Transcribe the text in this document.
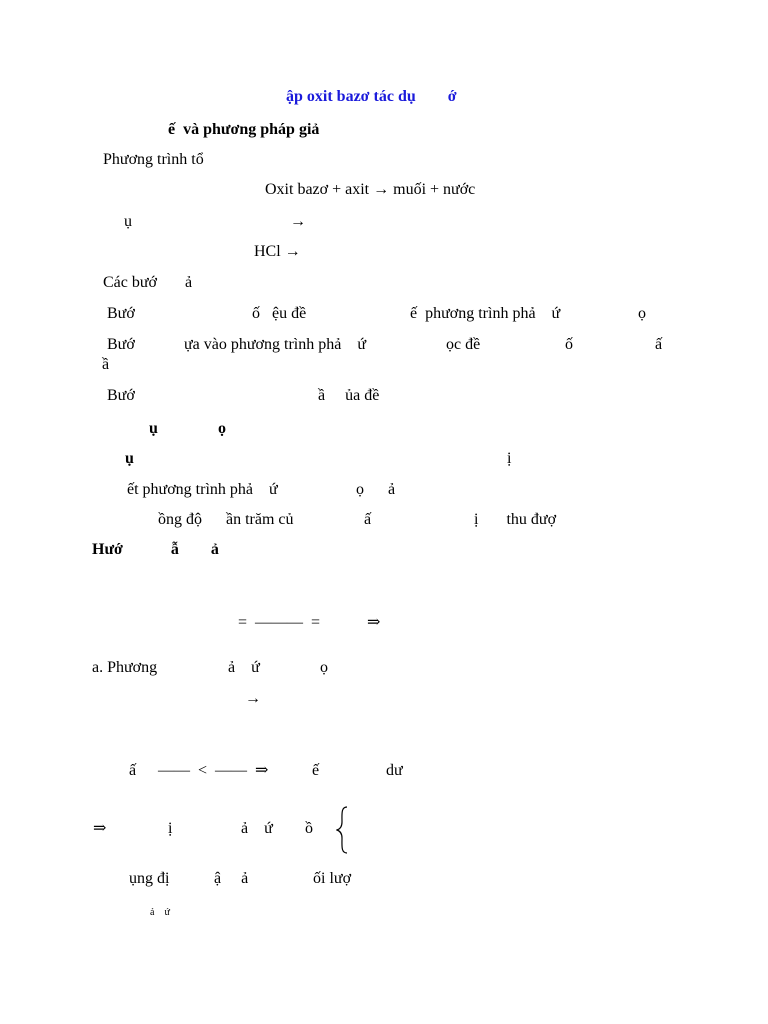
ập oxit bazơ tác dụ        ớ
ế  và phương pháp giả
Phương trình tổ
Oxit bazơ + axit → muối + nước
ụ	→
HCl →
Các bướ       ả
Bướ	ố   ệu đề	ế  phương trình phả    ứ	ọ
Bướ	ựa vào phương trình phả    ứ	ọc đề	ố	ấ
ầ
Bướ	ầ     ủa đề
ụ	ọ
ụ	ị
ết phương trình phả    ứ	ọ      ả
ồng độ      ần trăm củ	ấ	ị       thu đượ
Hướ            ẫ        ả
=  ———  =	⇒
a. Phương	ả    ứ	ọ
→
ấ ——  <  ——  ⇒	ế	dư
⇒	ị	ả    ứ ồ
ụng đị	ậ     ả	ối lượ
ả    ứ
